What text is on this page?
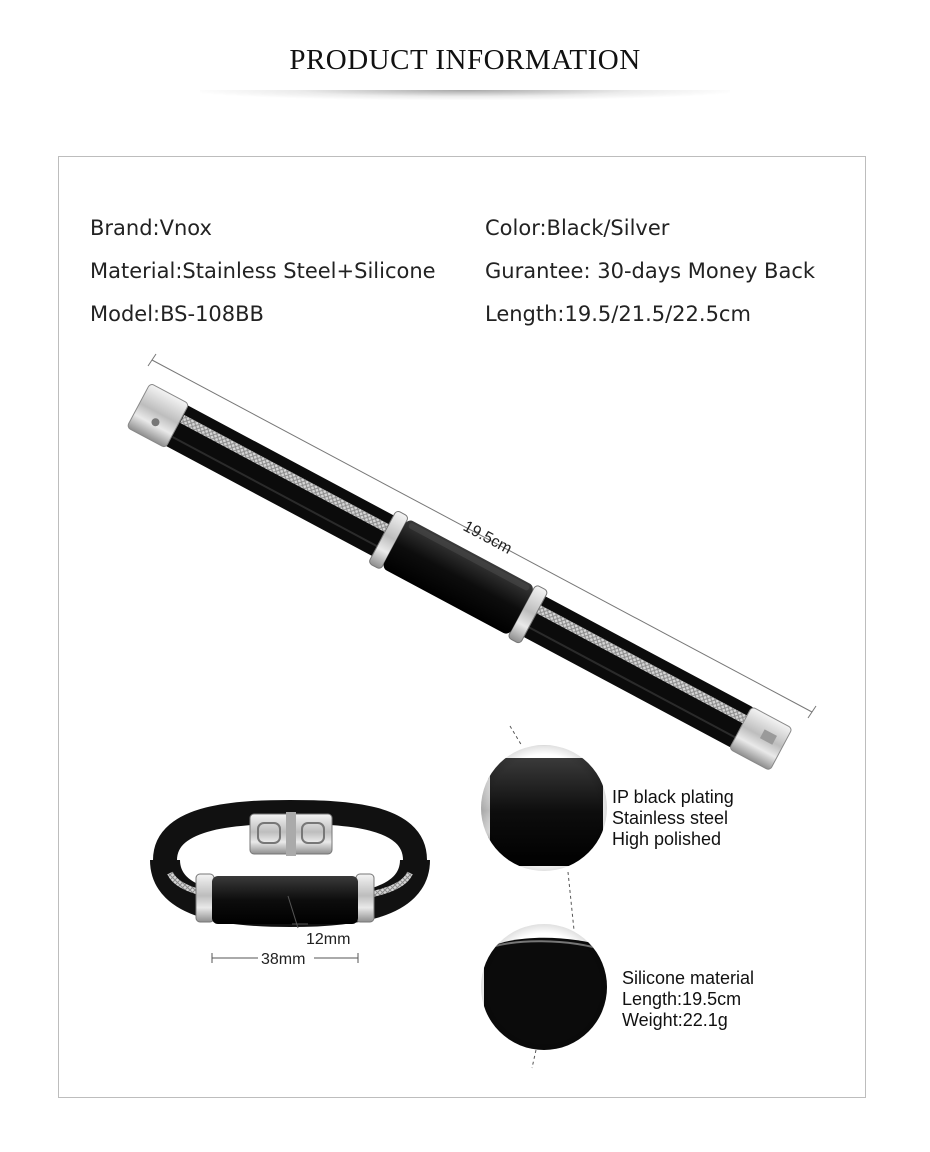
PRODUCT INFORMATION
Brand:Vnox
Material:Stainless Steel+Silicone
Model:BS-108BB
Color:Black/Silver
Gurantee: 30-days Money Back
Length:19.5/21.5/22.5cm
19.5cm
12mm
38mm
IP black plating
Stainless steel
High polished
Silicone material
Length:19.5cm
Weight:22.1g
